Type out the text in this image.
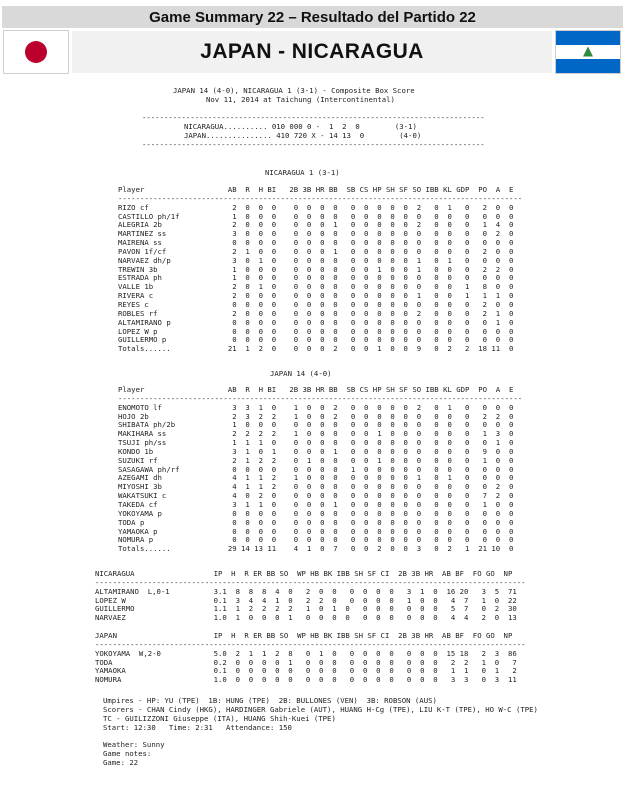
Game Summary 22 – Resultado del Partido 22
JAPAN - NICARAGUA
JAPAN 14 (4-0), NICARAGUA 1 (3-1) - Composite Box Score
Nov 11, 2014 at Taichung (Intercontinental)
------------------------------------------------------------------------------
NICARAGUA.......... 010 000 0 -  1  2  0        (3-1)
JAPAN............... 410 720 X - 14 13  0        (4-0)
------------------------------------------------------------------------------
NICARAGUA 1 (3-1)
Player                   AB  R  H BI   2B 3B HR BB  SB CS HP SH SF SO IBB KL GDP  PO  A  E
--------------------------------------------------------------------------------------------
RIZO cf                   2  0  0  0    0  0  0  0   0  0  0  0  0  2   0  1   0   2  0  0
CASTILLO ph/1f            1  0  0  0    0  0  0  0   0  0  0  0  0  0   0  0   0   0  0  0
ALEGRIA 2b                2  0  0  0    0  0  0  1   0  0  0  0  0  2   0  0   0   1  4  0
MARTINEZ ss               3  0  0  0    0  0  0  0   0  0  0  0  0  0   0  0   0   0  2  0
MAIRENA ss                0  0  0  0    0  0  0  0   0  0  0  0  0  0   0  0   0   0  0  0
PAVON 1f/cf               2  1  0  0    0  0  0  1   0  0  0  0  0  0   0  0   0   2  0  0
NARVAEZ dh/p              3  0  1  0    0  0  0  0   0  0  0  0  0  1   0  1   0   0  0  0
TREWIN 3b                 1  0  0  0    0  0  0  0   0  0  1  0  0  1   0  0   0   2  2  0
ESTRADA ph                1  0  0  0    0  0  0  0   0  0  0  0  0  0   0  0   0   0  0  0
VALLE 1b                  2  0  1  0    0  0  0  0   0  0  0  0  0  0   0  0   1   8  0  0
RIVERA c                  2  0  0  0    0  0  0  0   0  0  0  0  0  1   0  0   1   1  1  0
REYES c                   0  0  0  0    0  0  0  0   0  0  0  0  0  0   0  0   0   2  0  0
ROBLES rf                 2  0  0  0    0  0  0  0   0  0  0  0  0  2   0  0   0   2  1  0
ALTAMIRANO p              0  0  0  0    0  0  0  0   0  0  0  0  0  0   0  0   0   0  1  0
LOPEZ W p                 0  0  0  0    0  0  0  0   0  0  0  0  0  0   0  0   0   0  0  0
GUILLERMO p               0  0  0  0    0  0  0  0   0  0  0  0  0  0   0  0   0   0  0  0
Totals......             21  1  2  0    0  0  0  2   0  0  1  0  0  9   0  2   2  18 11  0
JAPAN 14 (4-0)
Player                   AB  R  H BI   2B 3B HR BB  SB CS HP SH SF SO IBB KL GDP  PO  A  E
--------------------------------------------------------------------------------------------
ENOMOTO lf                3  3  1  0    1  0  0  2   0  0  0  0  0  2   0  1   0   0  0  0
HOJO 2b                   2  3  2  2    1  0  0  2   0  0  0  0  0  0   0  0   0   2  2  0
SHIBATA ph/2b             1  0  0  0    0  0  0  0   0  0  0  0  0  0   0  0   0   0  0  0
MAKIHARA ss               2  2  2  2    1  0  0  0   0  0  1  0  0  0   0  0   0   1  3  0
TSUJI ph/ss               1  1  1  0    0  0  0  0   0  0  0  0  0  0   0  0   0   0  1  0
KONDO 1b                  3  1  0  1    0  0  0  1   0  0  0  0  0  0   0  0   0   9  0  0
SUZUKI rf                 2  1  2  2    0  1  0  0   0  0  1  0  0  0   0  0   0   1  0  0
SASAGAWA ph/rf            0  0  0  0    0  0  0  0   1  0  0  0  0  0   0  0   0   0  0  0
AZEGAMI dh                4  1  1  2    1  0  0  0   0  0  0  0  0  1   0  1   0   0  0  0
MIYOSHI 3b                4  1  1  2    0  0  0  0   0  0  0  0  0  0   0  0   0   0  2  0
WAKATSUKI c               4  0  2  0    0  0  0  0   0  0  0  0  0  0   0  0   0   7  2  0
TAKEDA cf                 3  1  1  0    0  0  0  1   0  0  0  0  0  0   0  0   0   1  0  0
YOKOYAMA p                0  0  0  0    0  0  0  0   0  0  0  0  0  0   0  0   0   0  0  0
TODA p                    0  0  0  0    0  0  0  0   0  0  0  0  0  0   0  0   0   0  0  0
YAMAOKA p                 0  0  0  0    0  0  0  0   0  0  0  0  0  0   0  0   0   0  0  0
NOMURA p                  0  0  0  0    0  0  0  0   0  0  0  0  0  0   0  0   0   0  0  0
Totals......             29 14 13 11    4  1  0  7   0  0  2  0  0  3   0  2   1  21 10  0
NICARAGUA                  IP  H  R ER BB SO  WP HB BK IBB SH SF CI  2B 3B HR  AB BF  FO GO  NP
--------------------------------------------------------------------------------------------------
ALTAMIRANO  L,0-1          3.1  8  8  8  4  0   2  0  0   0  0  0  0   3  1  0  16 20   3  5  71
LOPEZ W                    0.1  3  4  4  1  0   2  2  0   0  0  0  0   1  0  0   4  7   1  0  22
GUILLERMO                  1.1  1  2  2  2  2   1  0  1  0   0  0  0   0  0  0   5  7   0  2  30
NARVAEZ                    1.0  1  0  0  0  1   0  0  0  0   0  0  0   0  0  0   4  4   2  0  13
JAPAN                      IP  H  R ER BB SO  WP HB BK IBB SH SF CI  2B 3B HR  AB BF  FO GO  NP
--------------------------------------------------------------------------------------------------
YOKOYAMA  W,2-0            5.0  2  1  1  2  8   0  1  0   0  0  0  0   0  0  0  15 18   2  3  86
TODA                       0.2  0  0  0  0  1   0  0  0   0  0  0  0   0  0  0   2  2   1  0   7
YAMAOKA                    0.1  0  0  0  0  0   0  0  0   0  0  0  0   0  0  0   1  1   0  1   2
NOMURA                     1.0  0  0  0  0  0   0  0  0   0  0  0  0   0  0  0   3  3   0  3  11
Umpires - HP: YU (TPE)  1B: HUNG (TPE)  2B: BULLONES (VEN)  3B: ROBSON (AUS)
Scorers - CHAN Cindy (HKG), HARDINGER Gabriele (AUT), HUANG H-Cg (TPE), LIU K-T (TPE), HO W-C (TPE)
TC - GUILIZZONI Giuseppe (ITA), HUANG Shih-Kuei (TPE)
Start: 12:30   Time: 2:31   Attendance: 150
Weather: Sunny
Game notes:
Game: 22
